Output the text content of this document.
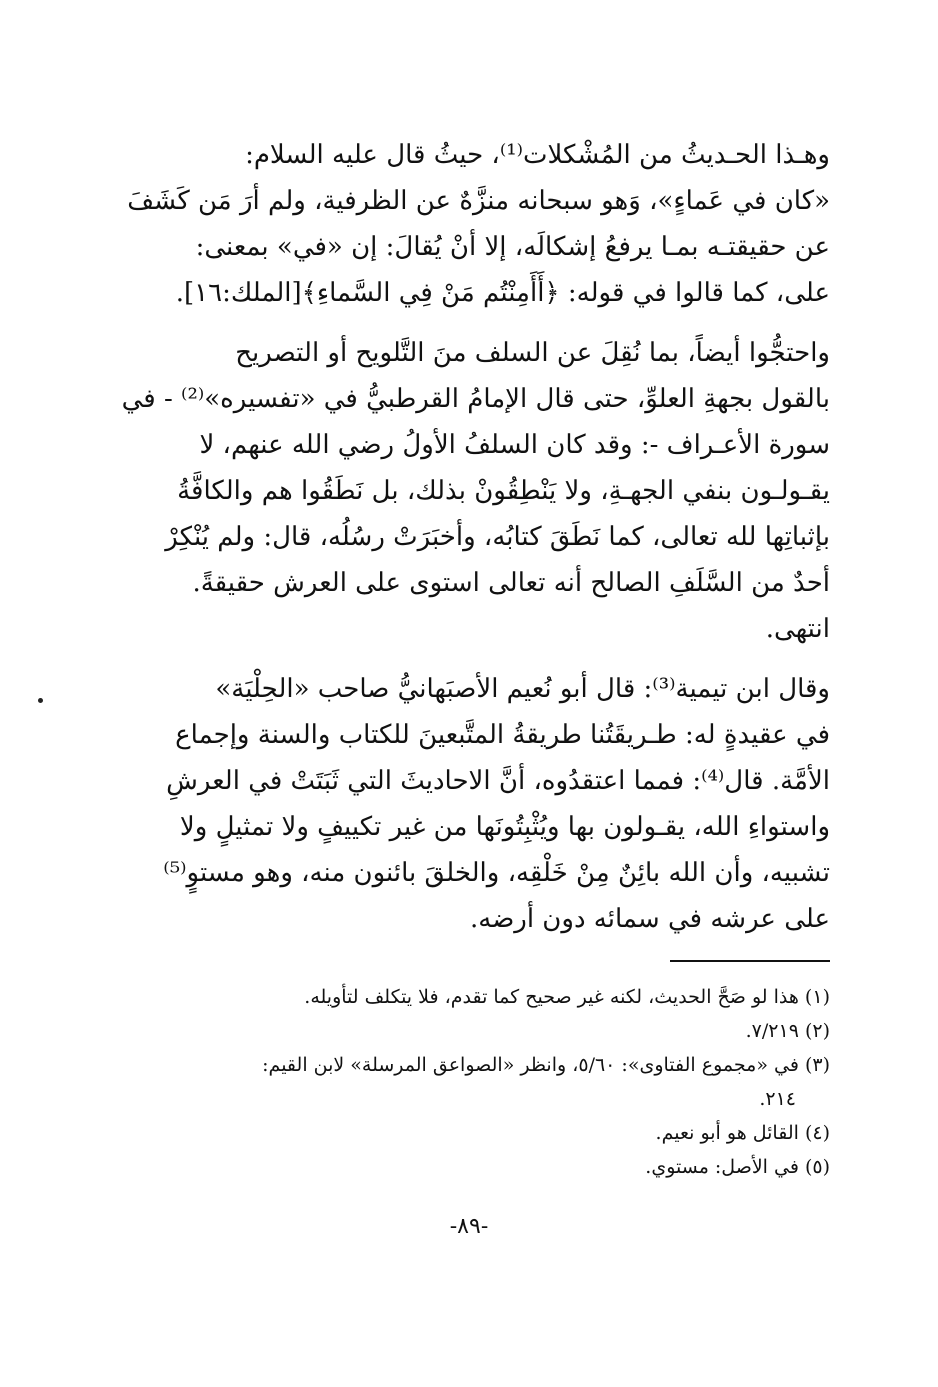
وهـذا الحـديثُ من المُشْكلات⁽¹⁾، حيثُ قال عليه السلام:
«كان في عَماءٍ»، وَهو سبحانه منزَّهٌ عن الظرفية، ولم أرَ مَن كَشَفَ
عن حقيقتـه بمـا يرفعُ إشكالَه، إلا أنْ يُقالَ: إن «في» بمعنى:
على، كما قالوا في قوله: ﴿أَأَمِنْتُم مَنْ فِي السَّماءِ﴾[الملك:١٦].
واحتجُّوا أيضاً، بما نُقِلَ عن السلف منَ التَّلويح أو التصريح
بالقول بجهةِ العلوِّ، حتى قال الإمامُ القرطبيُّ في «تفسيره»⁽²⁾ - في
سورة الأعـراف -: وقد كان السلفُ الأولُ رضي الله عنهم، لا
يقـولـون بنفي الجهـةِ، ولا يَنْطِقُونْ بذلك، بل نَطَقُوا هم والكافَّةُ
بإثباتِها لله تعالى، كما نَطَقَ كتابُه، وأخبَرَتْ رسُلُه، قال: ولم يُنْكِرْ
أحدٌ من السَّلَفِ الصالح أنه تعالى استوى على العرش حقيقةً.
انتهى.
وقال ابن تيمية⁽³⁾: قال أبو نُعيم الأصبَهانيُّ صاحب «الحِلْيَة»
في عقيدةٍ له: طـريقَتُنا طريقةُ المتَّبعينَ للكتاب والسنة وإجماع
الأمَّة. قال⁽⁴⁾: فمما اعتقدُوه، أنَّ الاحاديثَ التي ثَبَتَتْ في العرشِ
واستواءِ الله، يقـولون بها ويُثْبِتُونَها من غير تكييفٍ ولا تمثيلٍ ولا
تشبيه، وأن الله بائِنٌ مِنْ خَلْقِه، والخلقَ بائنون منه، وهو مستوٍ⁽⁵⁾
على عرشه في سمائه دون أرضه.
(١) هذا لو صَحَّ الحديث، لكنه غير صحيح كما تقدم، فلا يتكلف لتأويله.
(٢) ٧/٢١٩.
(٣) في «مجموع الفتاوى»: ٥/٦٠، وانظر «الصواعق المرسلة» لابن القيم:
٢١٤.
(٤) القائل هو أبو نعيم.
(٥) في الأصل: مستوي.
-٨٩-
